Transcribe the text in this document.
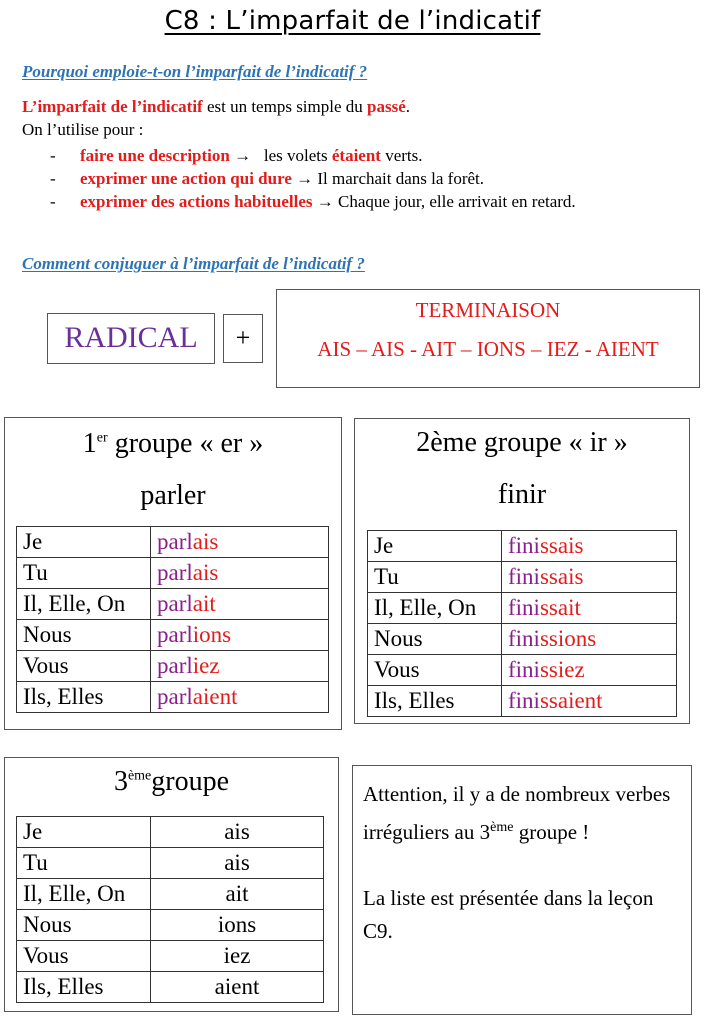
C8 : L’imparfait de l’indicatif
Pourquoi emploie-t-on l’imparfait de l’indicatif ?
L’imparfait de l’indicatif est un temps simple du passé.
On l’utilise pour :
- faire une description →   les volets étaient verts.
- exprimer une action qui dure → Il marchait dans la forêt.
- exprimer des actions habituelles → Chaque jour, elle arrivait en retard.
Comment conjuguer à l’imparfait de l’indicatif ?
RADICAL	+
TERMINAISON
AIS – AIS - AIT – IONS – IEZ - AIENT
1er groupe « er »
parler
Je	parlais
Tu	parlais
Il, Elle, On	parlait
Nous	parlions
Vous	parliez
Ils, Elles	parlaient
2ème groupe « ir »
finir
Je	finissais
Tu	finissais
Il, Elle, On	finissait
Nous	finissions
Vous	finissiez
Ils, Elles	finissaient
3èmegroupe
Je	ais
Tu	ais
Il, Elle, On	ait
Nous	ions
Vous	iez
Ils, Elles	aient
Attention, il y a de nombreux verbes irréguliers au 3ème groupe !
La liste est présentée dans la leçon C9.
